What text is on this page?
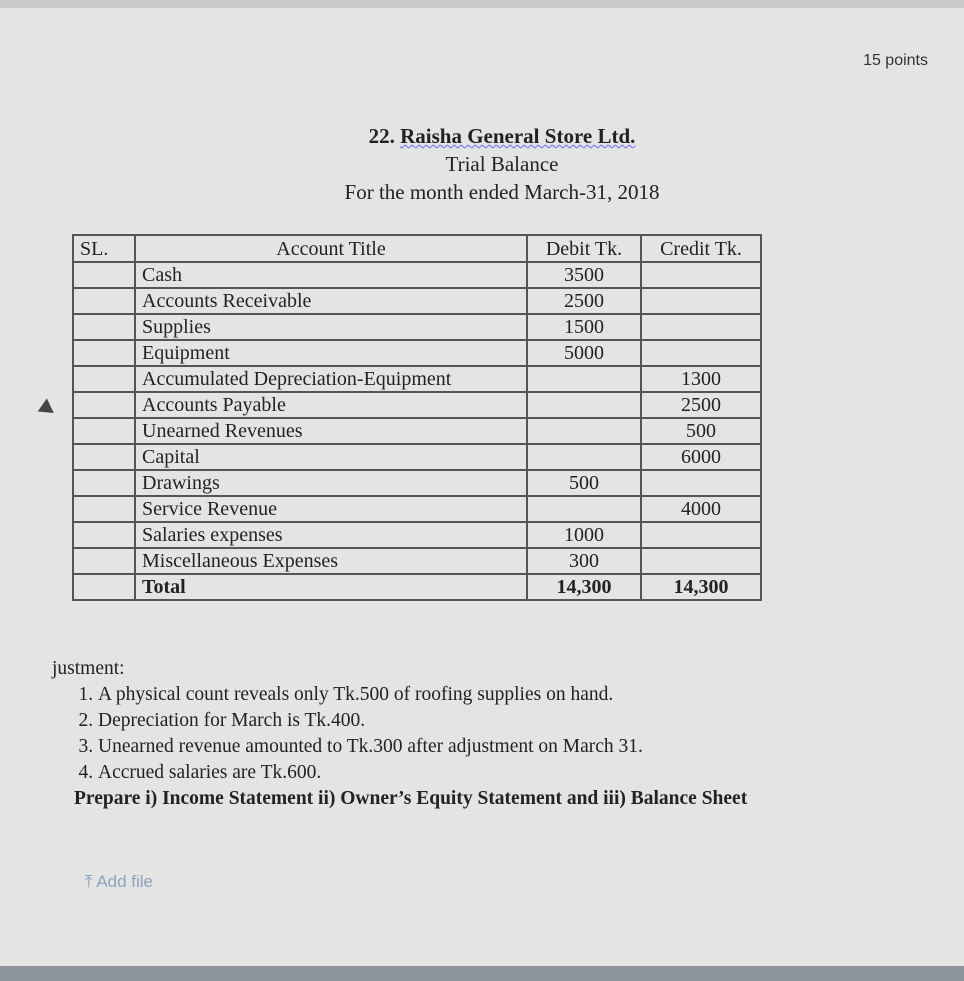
15 points
22. Raisha General Store Ltd.
Trial Balance
For the month ended March-31, 2018
SL.	Account Title	Debit Tk.	Credit Tk.
	Cash	3500	
	Accounts Receivable	2500	
	Supplies	1500	
	Equipment	5000	
	Accumulated Depreciation-Equipment		1300
	Accounts Payable		2500
	Unearned Revenues		500
	Capital		6000
	Drawings	500	
	Service Revenue		4000
	Salaries expenses	1000	
	Miscellaneous Expenses	300	
	Total	14,300	14,300
justment:
1. A physical count reveals only Tk.500 of roofing supplies on hand.
2. Depreciation for March is Tk.400.
3. Unearned revenue amounted to Tk.300 after adjustment on March 31.
4. Accrued salaries are Tk.600.
Prepare i) Income Statement ii) Owner’s Equity Statement and iii) Balance Sheet
⤒ Add file
